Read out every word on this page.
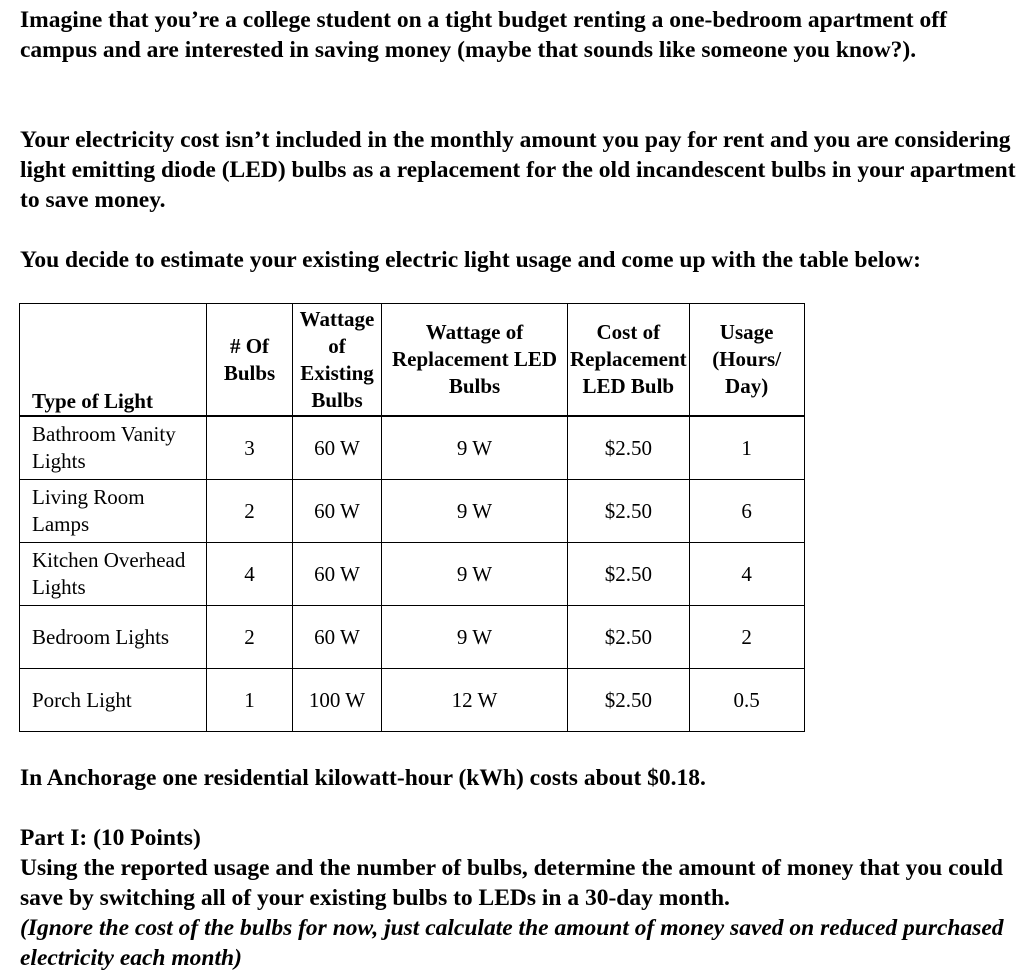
Imagine that you’re a college student on a tight budget renting a one-bedroom apartment off campus and are interested in saving money (maybe that sounds like someone you know?).

Your electricity cost isn’t included in the monthly amount you pay for rent and you are considering light emitting diode (LED) bulbs as a replacement for the old incandescent bulbs in your apartment to save money.

You decide to estimate your existing electric light usage and come up with the table below:

Type of Light	# Of Bulbs	Wattage of Existing Bulbs	Wattage of Replacement LED Bulbs	Cost of Replacement LED Bulb	Usage (Hours/ Day)
Bathroom Vanity Lights	3	60 W	9 W	$2.50	1
Living Room Lamps	2	60 W	9 W	$2.50	6
Kitchen Overhead Lights	4	60 W	9 W	$2.50	4
Bedroom Lights	2	60 W	9 W	$2.50	2
Porch Light	1	100 W	12 W	$2.50	0.5

In Anchorage one residential kilowatt-hour (kWh) costs about $0.18.

Part I: (10 Points)
Using the reported usage and the number of bulbs, determine the amount of money that you could save by switching all of your existing bulbs to LEDs in a 30-day month.
(Ignore the cost of the bulbs for now, just calculate the amount of money saved on reduced purchased electricity each month)
